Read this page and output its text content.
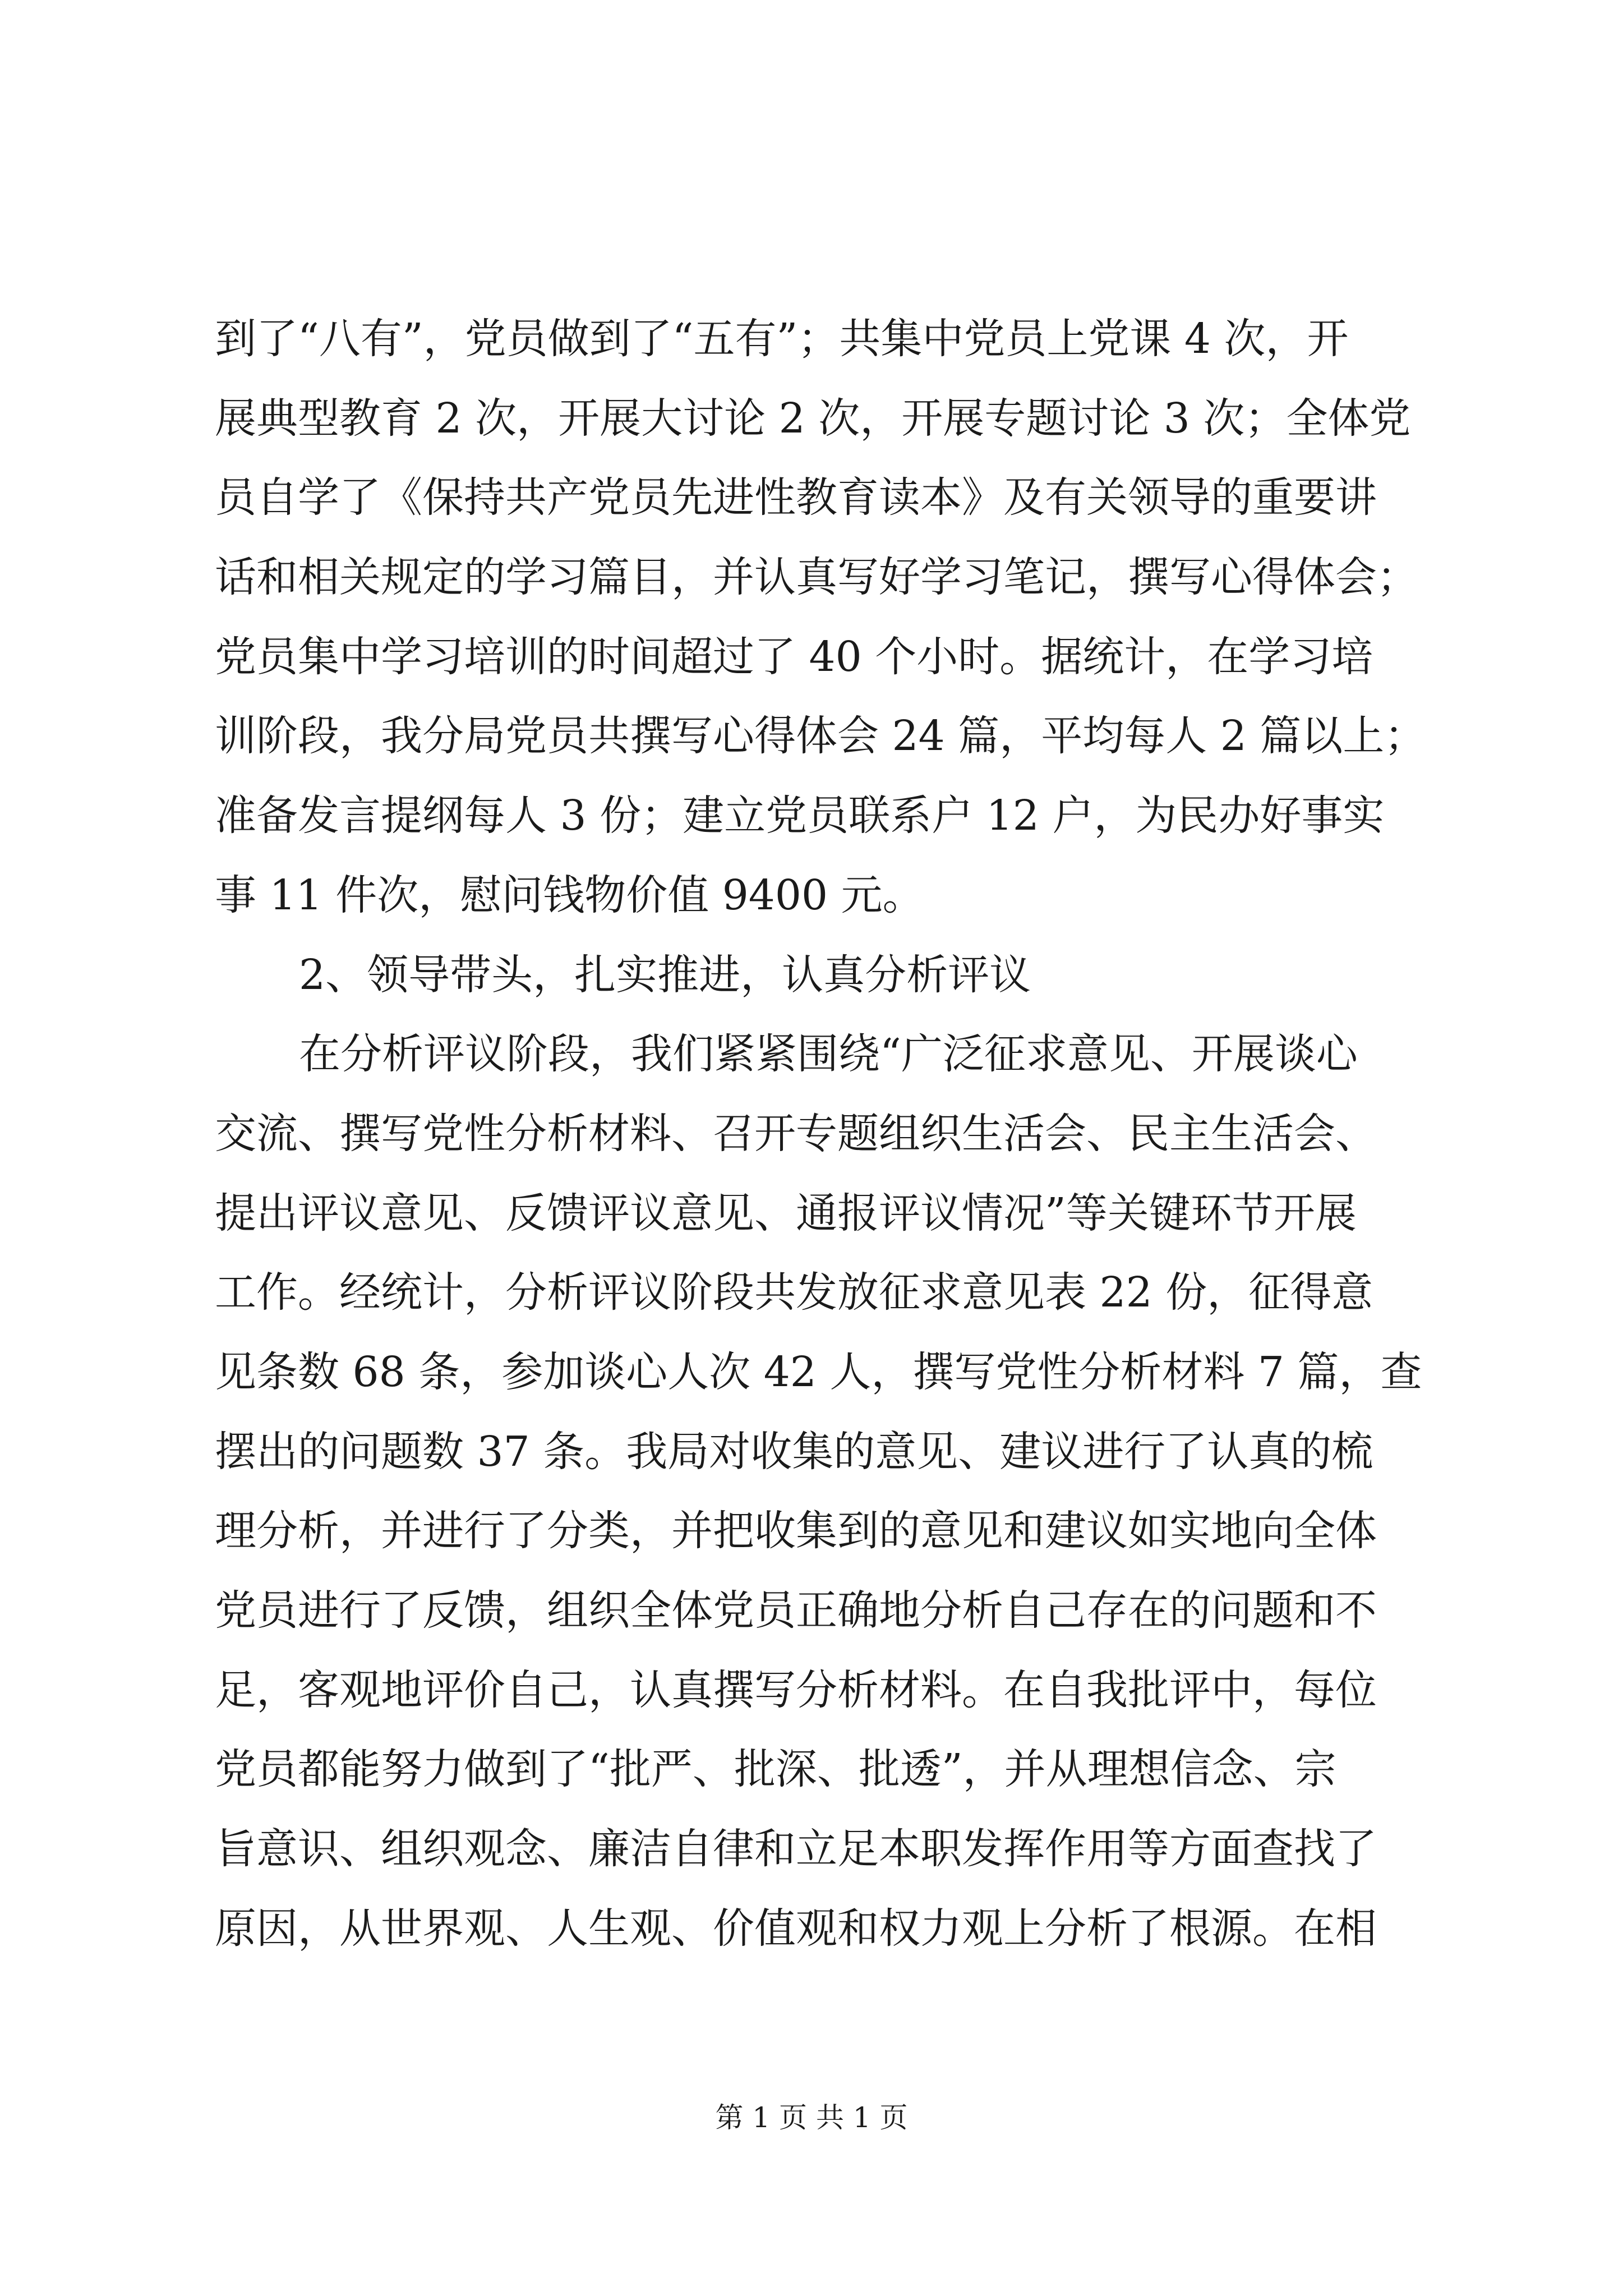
到了“八有”，党员做到了“五有”；共集中党员上党课 4 次，开
展典型教育 2 次，开展大讨论 2 次，开展专题讨论 3 次；全体党
员自学了《保持共产党员先进性教育读本》及有关领导的重要讲
话和相关规定的学习篇目，并认真写好学习笔记，撰写心得体会；
党员集中学习培训的时间超过了 40 个小时。据统计，在学习培
训阶段，我分局党员共撰写心得体会 24 篇，平均每人 2 篇以上；
准备发言提纲每人 3 份；建立党员联系户 12 户，为民办好事实
事 11 件次，慰问钱物价值 9400 元。
2、领导带头，扎实推进，认真分析评议
在分析评议阶段，我们紧紧围绕“广泛征求意见、开展谈心
交流、撰写党性分析材料、召开专题组织生活会、民主生活会、
提出评议意见、反馈评议意见、通报评议情况”等关键环节开展
工作。经统计，分析评议阶段共发放征求意见表 22 份，征得意
见条数 68 条，参加谈心人次 42 人，撰写党性分析材料 7 篇，查
摆出的问题数 37 条。我局对收集的意见、建议进行了认真的梳
理分析，并进行了分类，并把收集到的意见和建议如实地向全体
党员进行了反馈，组织全体党员正确地分析自己存在的问题和不
足，客观地评价自己，认真撰写分析材料。在自我批评中，每位
党员都能努力做到了“批严、批深、批透”，并从理想信念、宗
旨意识、组织观念、廉洁自律和立足本职发挥作用等方面查找了
原因，从世界观、人生观、价值观和权力观上分析了根源。在相
第 1 页 共 1 页
